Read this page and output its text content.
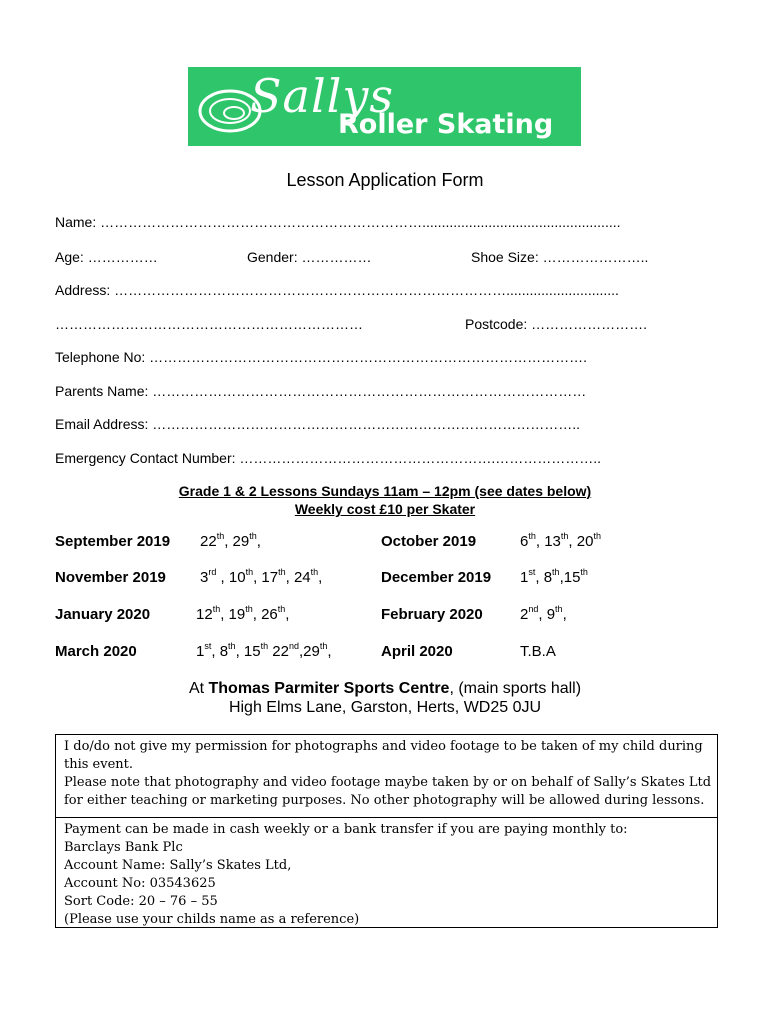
Sallys
Roller Skating
Lesson Application Form
Name: ……………………………………………………………...................................................
Age: ……………	Gender: ……………	Shoe Size: …………………..
Address: ………………………………………………………………………….............................
…………………………………………………………	Postcode: …………………….
Telephone No: ………………………………………………………………………………….
Parents Name: …………………………………………………………………………………
Email Address: ………………………………………………………………………………..
Emergency Contact Number: ……………………………………………….…………………..
Grade 1 & 2 Lessons Sundays 11am – 12pm (see dates below)
Weekly cost £10 per Skater
September 2019 22th, 29th,	October 2019	6th, 13th, 20th
November 2019 3rd , 10th, 17th, 24th,	December 2019 1st, 8th,15th
January 2020	12th, 19th, 26th,	February 2020 2nd, 9th,
March 2020	1st, 8th, 15th 22nd,29th,	April 2020	T.B.A
At Thomas Parmiter Sports Centre, (main sports hall)
High Elms Lane, Garston, Herts, WD25 0JU
I do/do not give my permission for photographs and video footage to be taken of my child during
this event.
Please note that photography and video footage maybe taken by or on behalf of Sally’s Skates Ltd
for either teaching or marketing purposes. No other photography will be allowed during lessons.
Payment can be made in cash weekly or a bank transfer if you are paying monthly to:
Barclays Bank Plc
Account Name: Sally’s Skates Ltd,
Account No: 03543625
Sort Code: 20 – 76 – 55
(Please use your childs name as a reference)
